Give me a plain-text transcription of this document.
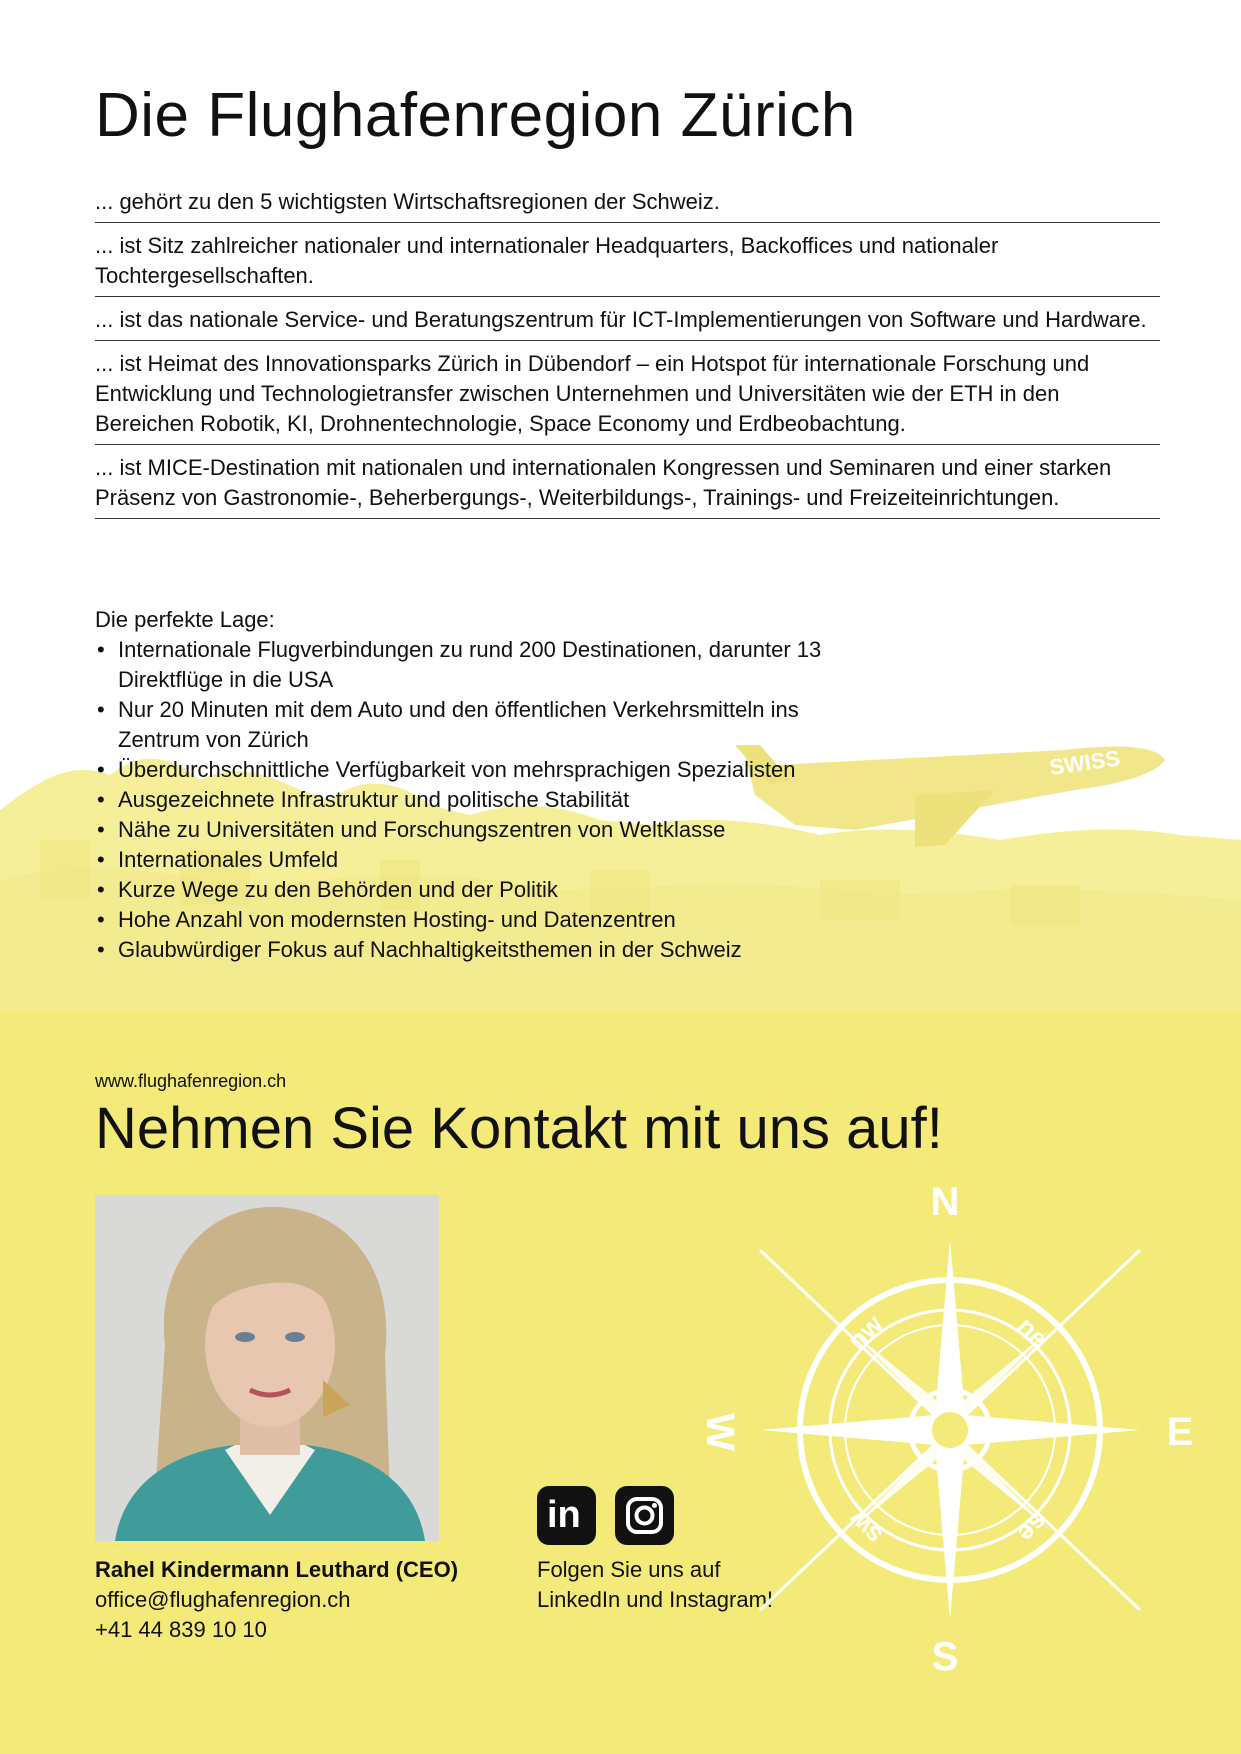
SWISS
Die Flughafenregion Zürich
... gehört zu den 5 wichtigsten Wirtschaftsregionen der Schweiz.
... ist Sitz zahlreicher nationaler und internationaler Headquarters, Backoffices und nationaler Tochtergesellschaften.
... ist das nationale Service- und Beratungszentrum für ICT-Implementierungen von Software und Hardware.
... ist Heimat des Innovationsparks Zürich in Dübendorf – ein Hotspot für internationale Forschung und Entwicklung und Technologietransfer zwischen Unternehmen und Universitäten wie der ETH in den Bereichen Robotik, KI, Drohnentechnologie, Space Economy und Erdbeobachtung.
... ist MICE-Destination mit nationalen und internationalen Kongressen und Seminaren und einer starken Präsenz von Gastronomie-, Beherbergungs-, Weiterbildungs-, Trainings- und Freizeiteinrichtungen.

Die perfekte Lage:

• Internationale Flugverbindungen zu rund 200 Destinationen, darunter 13 Direktflüge in die USA
• Nur 20 Minuten mit dem Auto und den öffentlichen Verkehrsmitteln ins Zentrum von Zürich
• Überdurchschnittliche Verfügbarkeit von mehrsprachigen Spezialisten
• Ausgezeichnete Infrastruktur und politische Stabilität
• Nähe zu Universitäten und Forschungszentren von Weltklasse
• Internationales Umfeld
• Kurze Wege zu den Behörden und der Politik
• Hohe Anzahl von modernsten Hosting- und Datenzentren
• Glaubwürdiger Fokus auf Nachhaltigkeitsthemen in der Schweiz
www.flughafenregion.ch
Nehmen Sie Kontakt mit uns auf!
Rahel Kindermann Leuthard (CEO)
office@flughafenregion.ch
+41 44 839 10 10
in
Folgen Sie uns auf
LinkedIn und Instagram!
N
E
S
W
ne
nw
se
sw
